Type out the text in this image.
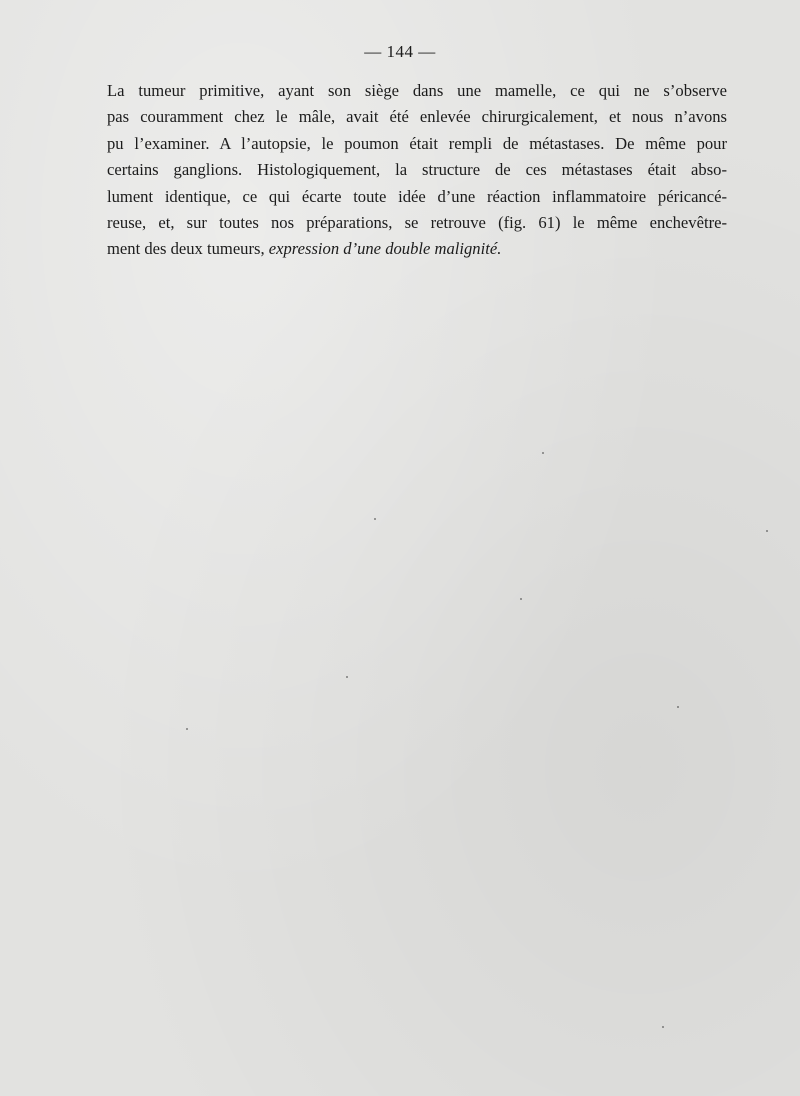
— 144 —
La tumeur primitive, ayant son siège dans une mamelle, ce qui ne s’observe
pas couramment chez le mâle, avait été enlevée chirurgicalement, et nous n’avons
pu l’examiner. A l’autopsie, le poumon était rempli de métastases. De même pour
certains ganglions. Histologiquement, la structure de ces métastases était abso-
lument identique, ce qui écarte toute idée d’une réaction inflammatoire péricancé-
reuse, et, sur toutes nos préparations, se retrouve (fig. 61) le même enchevêtre-
ment des deux tumeurs, expression d’une double malignité.
